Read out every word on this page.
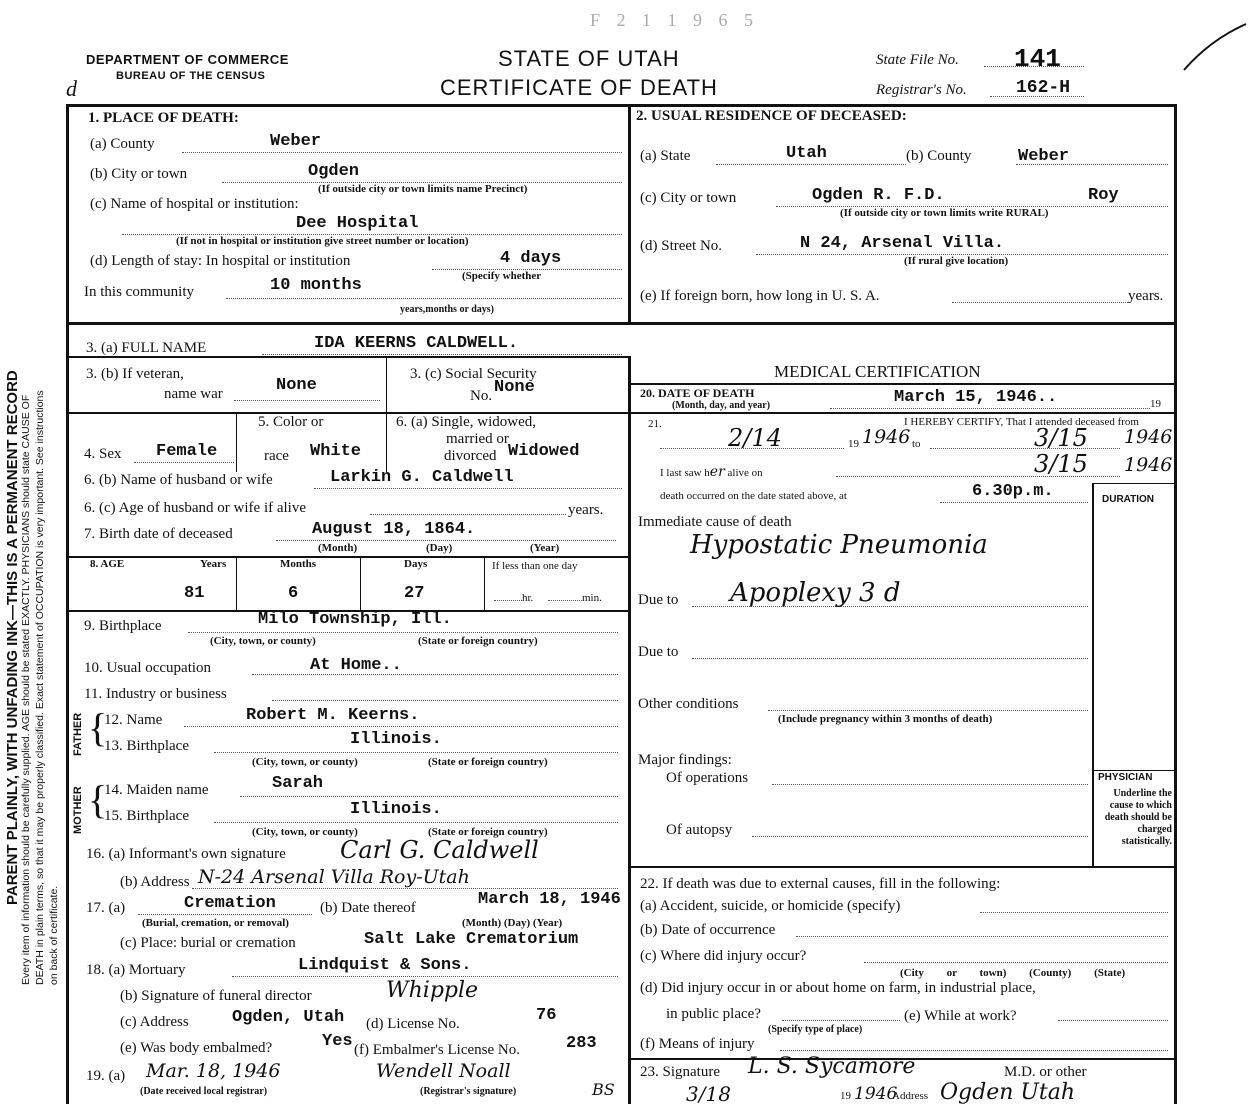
PARENT PLAINLY, WITH UNFADING INK—THIS IS A PERMANENT RECORD Every item of information should be carefully supplied. AGE should be stated EXACTLY. PHYSICIANS should state CAUSE OF DEATH in plain terms, so that it may be properly classified. Exact statement of OCCUPATION is very important. See instructions on back of certificate.
DEPARTMENT OF COMMERCE
BUREAU OF THE CENSUS
d
F 2 1 1 9 6 5
STATE OF UTAH
CERTIFICATE OF DEATH
State File No. 141
Registrar's No.	162-H
1. PLACE OF DEATH:
(a) County	Weber
(b) City or town	Ogden
(If outside city or town limits name Precinct)
(c) Name of hospital or institution:
Dee Hospital
(If not in hospital or institution give street number or location)
(d) Length of stay: In hospital or institution	4 days
(Specify whether
In this community	10 months
years,months or days)
2. USUAL RESIDENCE OF DECEASED:
(a) State	Utah	(b) County	Weber
(c) City or town	Ogden R. F.D.	Roy
(If outside city or town limits write RURAL)
(d) Street No.	N 24, Arsenal Villa.
(If rural give location)
(e) If foreign born, how long in U. S. A.	years.
3. (a) FULL NAME	IDA KEERNS CALDWELL.
3. (b) If veteran,
name war	None
3. (c) Social Security
No. None
5. Color or
race White
6. (a) Single, widowed,
married or
divorced Widowed
4. Sex Female
6. (b) Name of husband or wife	Larkin G. Caldwell
6. (c) Age of husband or wife if alive	years.
7. Birth date of deceased	August 18, 1864.
(Month)	(Day)	(Year)
8. AGE	Years	Months	Days	If less than one day
81	6	27	hr.	min.
9. Birthplace	Milo Township, Ill.
(City, town, or county)	(State or foreign country)
10. Usual occupation	At Home..
11. Industry or business
FATHER
MOTHER
{
{
12. Name	Robert M. Keerns.
13. Birthplace	Illinois.
(City, town, or county)	(State or foreign country)
14. Maiden name	Sarah
15. Birthplace	Illinois.
(City, town, or county)	(State or foreign country)
16. (a) Informant's own signature Carl G. Caldwell
(b) Address N-24 Arsenal Villa Roy-Utah
17. (a)	Cremation
(Burial, cremation, or removal)
(b) Date thereof	March 18, 1946
(Month) (Day) (Year)
(c) Place: burial or cremation	Salt Lake Crematorium
18. (a) Mortuary	Lindquist & Sons.
(b) Signature of funeral director	Whipple
(c) Address	Ogden, Utah (d) License No.	76
(e) Was body embalmed?	Yes (f) Embalmer's License No.	283
19. (a) Mar. 18, 1946	Wendell Noall
(Date received local registrar)	(Registrar's signature)	BS
MEDICAL CERTIFICATION
20. DATE OF DEATH
(Month, day, and year)	March 15, 1946..	19
21.	I HEREBY CERTIFY, That I attended deceased from
2/14	19 1946 to	3/15 1946
I last saw her alive on	3/15 1946
death occurred on the date stated above, at	6.30p.m.	DURATION
Immediate cause of death
Hypostatic Pneumonia
Due to Apoplexy 3 d
Due to
Other conditions
(Include pregnancy within 3 months of death)
Major findings:
Of operations
Of autopsy
PHYSICIAN
Underline the cause to which death should be charged statistically.
22. If death was due to external causes, fill in the following:
(a) Accident, suicide, or homicide (specify)
(b) Date of occurrence
(c) Where did injury occur?
(City or town) (County) (State)
(d) Did injury occur in or about home on farm, in industrial place,
in public place?
(Specify type of place)
(e) While at work?
(f) Means of injury
23. Signature L. S. Sycamore	M.D. or other
3/18	19 1946
Address Ogden Utah
